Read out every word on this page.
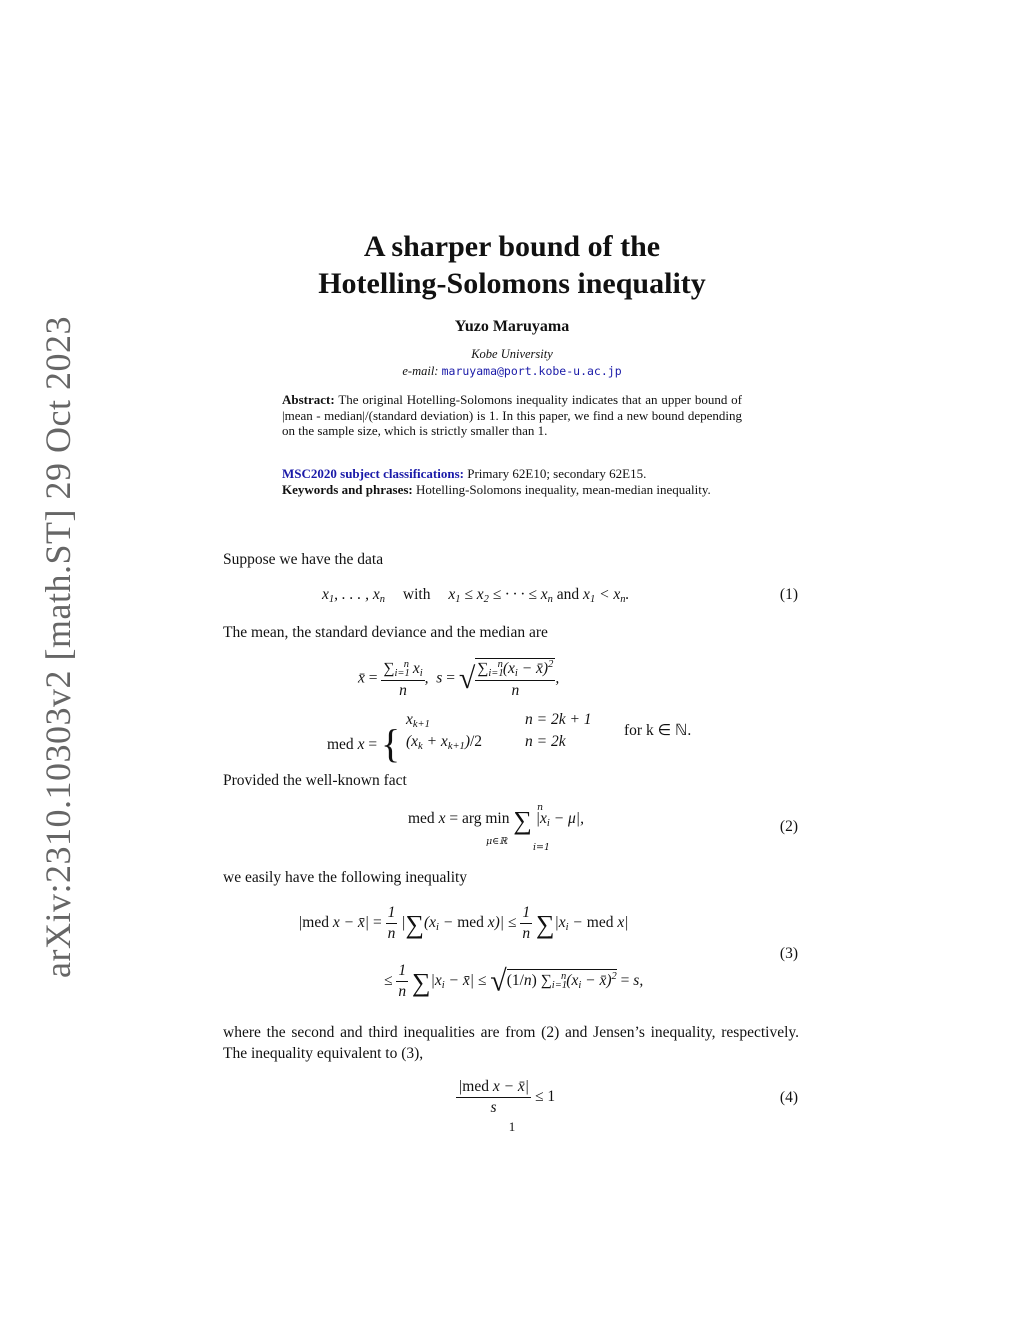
arXiv:2310.10303v2 [math.ST] 29 Oct 2023
A sharper bound of the
Hotelling-Solomons inequality
Yuzo Maruyama
Kobe University
e-mail: maruyama@port.kobe-u.ac.jp
Abstract: The original Hotelling-Solomons inequality indicates that an upper bound of |mean - median|/(standard deviation) is 1. In this paper, we find a new bound depending on the sample size, which is strictly smaller than 1.
MSC2020 subject classifications: Primary 62E10; secondary 62E15.
Keywords and phrases: Hotelling-Solomons inequality, mean-median inequality.
Suppose we have the data
$x_1$, . . . , $x_n$ with $x_1 \le x_2$ ≤ · · · ≤ $x_n$ and $x_1 < x_n$.	(1)
The mean, the standard deviance and the median are
x̄ = $\frac{\sum_{i=1}^n x_i}{n}$ ,  s = √ $\frac{\sum_{i=1}^n(x_i - x̄)^2}{n}$ ,
med x = {
$x_{k+1}$	n = 2k + 1
$(x_k + x_{k+1})/2$	n = 2k
for k ∈ ℕ.
Provided the well-known fact
med x = arg min ∑ $|x_i - \mu|$,
μ∈ℝ
i=1
n
(2)
we easily have the following inequality
|med x − x̄| = $\frac{1}{n} |\sum(x_i$ − med $x)| \le \frac{1}{n} \sum|x_i$ − med x|
≤ $\frac{1}{n} \sum|x_i$ − x̄| ≤ √(1/n) $\sum_{i=1}^n(x_i$ − x̄)$^2$ = s,
(3)
where the second and third inequalities are from (2) and Jensen’s inequality, respectively. The inequality equivalent to (3),
$\frac{\text{|med x − x̄|}}{s} \le 1$	(4)
1
